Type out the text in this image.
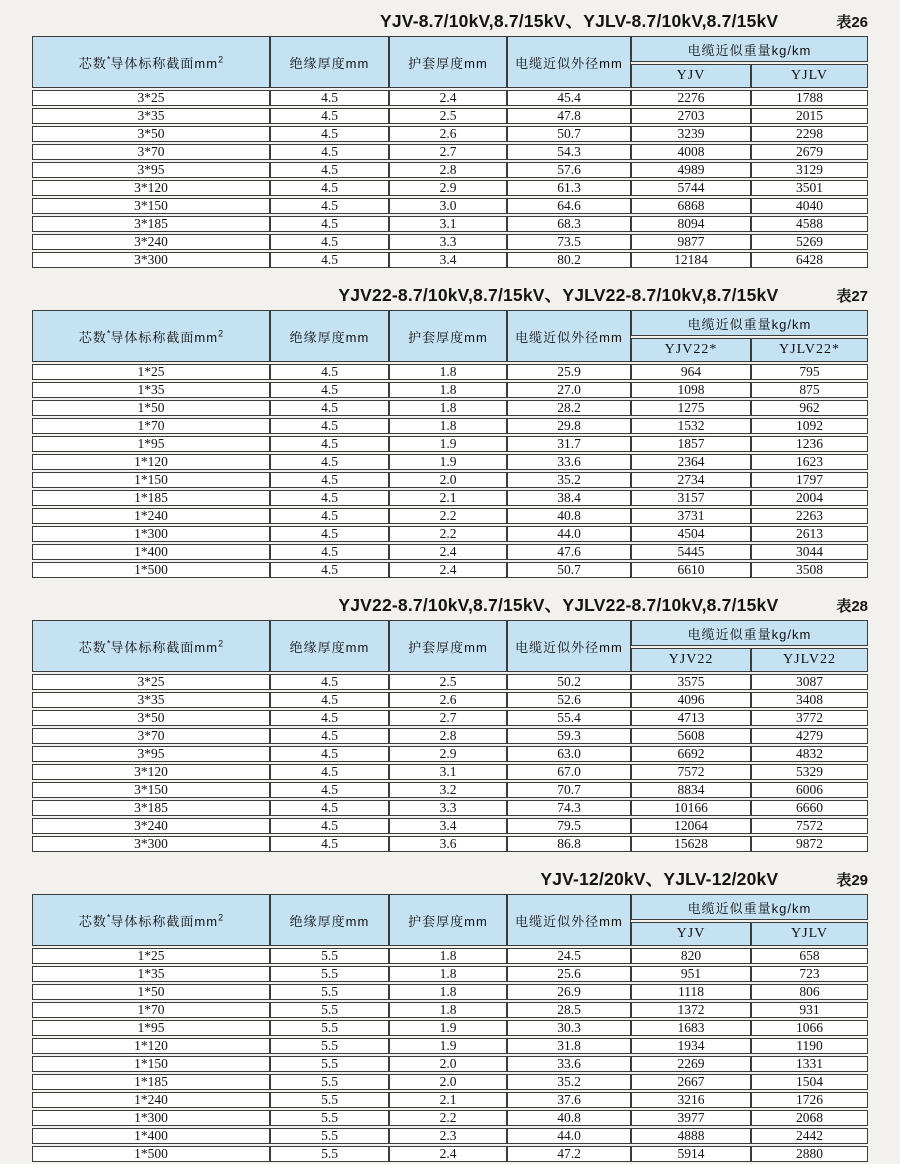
YJV-8.7/10kV,8.7/15kV、YJLV-8.7/10kV,8.7/15kV	表26
芯数*导体标称截面$mm^2$	绝缘厚度mm	护套厚度mm	电缆近似外径mm	电缆近似重量kg/km	
				YJV	YJLV
3*25	4.5	2.4	45.4	2276	1788
3*35	4.5	2.5	47.8	2703	2015
3*50	4.5	2.6	50.7	3239	2298
3*70	4.5	2.7	54.3	4008	2679
3*95	4.5	2.8	57.6	4989	3129
3*120	4.5	2.9	61.3	5744	3501
3*150	4.5	3.0	64.6	6868	4040
3*185	4.5	3.1	68.3	8094	4588
3*240	4.5	3.3	73.5	9877	5269
3*300	4.5	3.4	80.2	12184	6428
YJV22-8.7/10kV,8.7/15kV、YJLV22-8.7/10kV,8.7/15kV	表27
芯数*导体标称截面$mm^2$	绝缘厚度mm	护套厚度mm	电缆近似外径mm	电缆近似重量kg/km	
				YJV22*	YJLV22*
1*25	4.5	1.8	25.9	964	795
1*35	4.5	1.8	27.0	1098	875
1*50	4.5	1.8	28.2	1275	962
1*70	4.5	1.8	29.8	1532	1092
1*95	4.5	1.9	31.7	1857	1236
1*120	4.5	1.9	33.6	2364	1623
1*150	4.5	2.0	35.2	2734	1797
1*185	4.5	2.1	38.4	3157	2004
1*240	4.5	2.2	40.8	3731	2263
1*300	4.5	2.2	44.0	4504	2613
1*400	4.5	2.4	47.6	5445	3044
1*500	4.5	2.4	50.7	6610	3508
YJV22-8.7/10kV,8.7/15kV、YJLV22-8.7/10kV,8.7/15kV	表28
芯数*导体标称截面$mm^2$	绝缘厚度mm	护套厚度mm	电缆近似外径mm	电缆近似重量kg/km	
				YJV22	YJLV22
3*25	4.5	2.5	50.2	3575	3087
3*35	4.5	2.6	52.6	4096	3408
3*50	4.5	2.7	55.4	4713	3772
3*70	4.5	2.8	59.3	5608	4279
3*95	4.5	2.9	63.0	6692	4832
3*120	4.5	3.1	67.0	7572	5329
3*150	4.5	3.2	70.7	8834	6006
3*185	4.5	3.3	74.3	10166	6660
3*240	4.5	3.4	79.5	12064	7572
3*300	4.5	3.6	86.8	15628	9872
YJV-12/20kV、YJLV-12/20kV	表29
芯数*导体标称截面$mm^2$	绝缘厚度mm	护套厚度mm	电缆近似外径mm	电缆近似重量kg/km	
				YJV	YJLV
1*25	5.5	1.8	24.5	820	658
1*35	5.5	1.8	25.6	951	723
1*50	5.5	1.8	26.9	1118	806
1*70	5.5	1.8	28.5	1372	931
1*95	5.5	1.9	30.3	1683	1066
1*120	5.5	1.9	31.8	1934	1190
1*150	5.5	2.0	33.6	2269	1331
1*185	5.5	2.0	35.2	2667	1504
1*240	5.5	2.1	37.6	3216	1726
1*300	5.5	2.2	40.8	3977	2068
1*400	5.5	2.3	44.0	4888	2442
1*500	5.5	2.4	47.2	5914	2880
